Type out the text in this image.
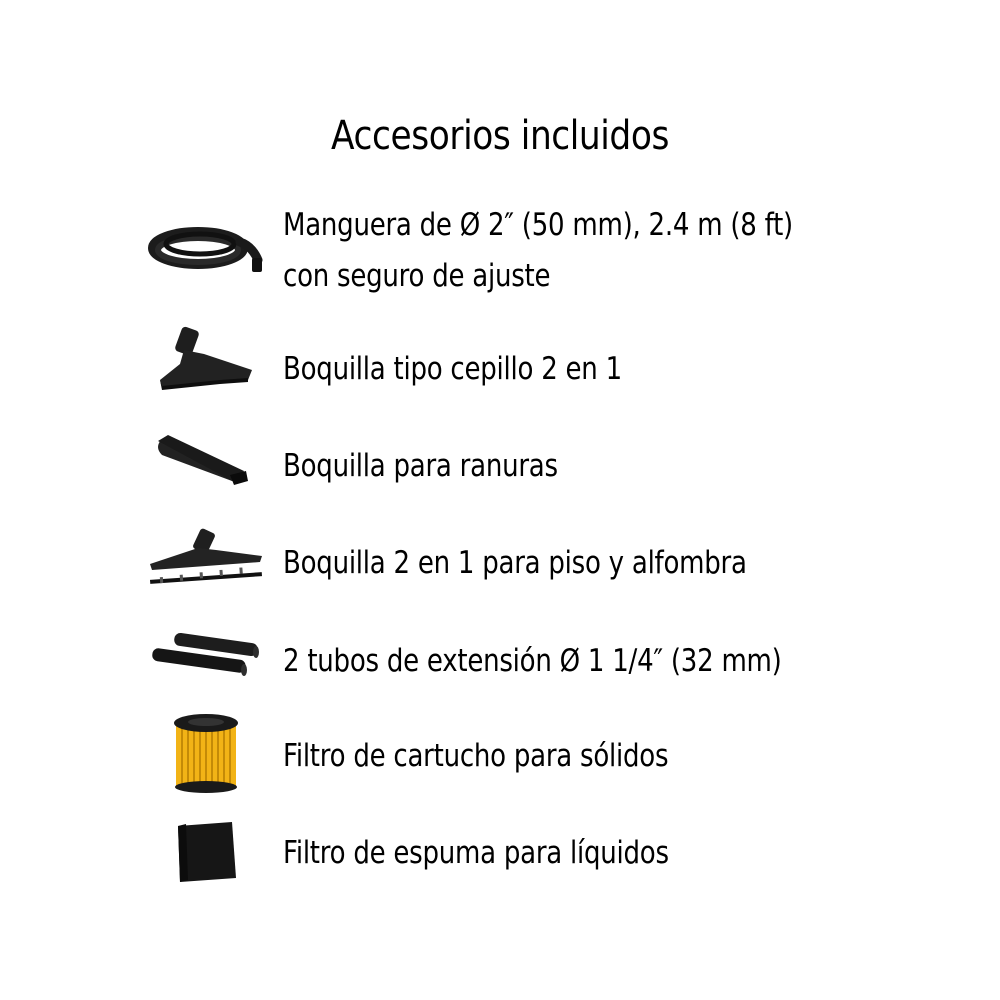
Accesorios incluidos
Manguera de Ø 2″ (50 mm), 2.4 m (8 ft)
con seguro de ajuste
Boquilla tipo cepillo 2 en 1
Boquilla para ranuras
Boquilla 2 en 1 para piso y alfombra
2 tubos de extensión Ø 1 1/4″ (32 mm)
Filtro de cartucho para sólidos
Filtro de espuma para líquidos
